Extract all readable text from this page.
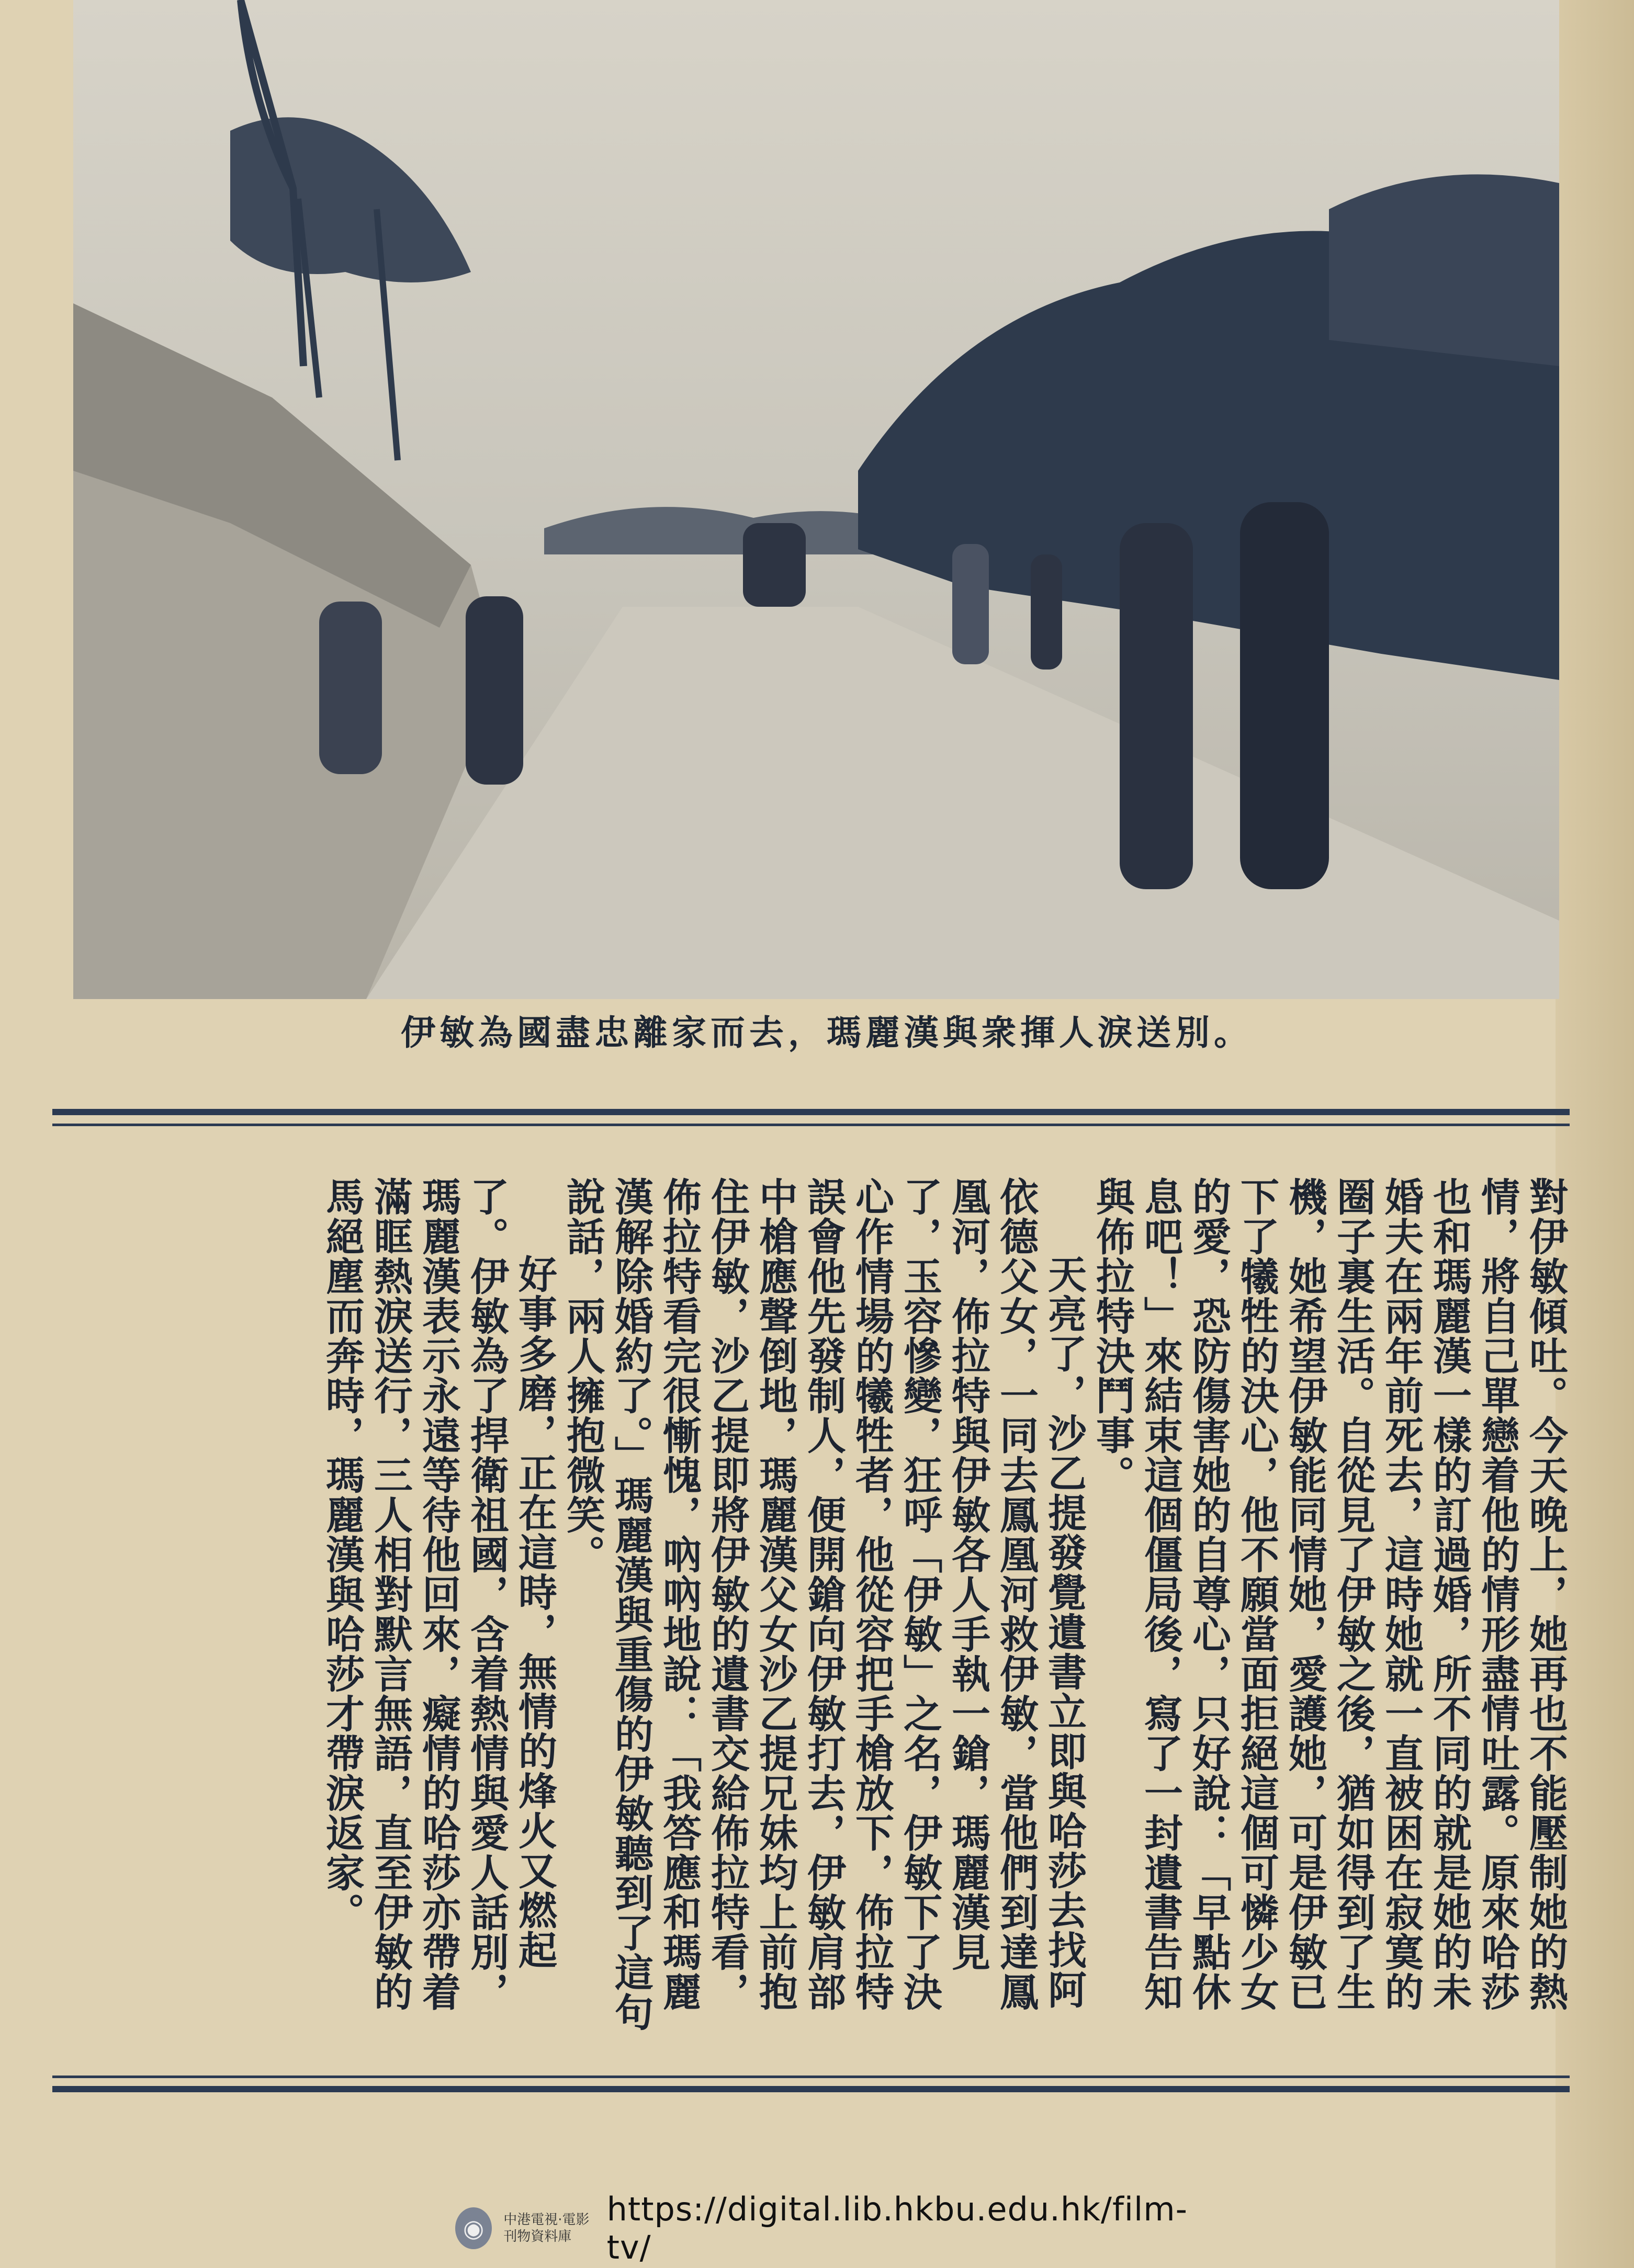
伊敏為國盡忠離家而去，瑪麗漢與衆揮人淚送別。

對伊敏傾吐。今天晚上，她再也不能壓制她的熱情，將自己單戀着他的情形盡情吐露。原來哈莎也和瑪麗漢一樣的訂過婚，所不同的就是她的未婚夫在兩年前死去，這時她就一直被困在寂寞的圈子裏生活。自從見了伊敏之後，猶如得到了生機，她希望伊敏能同情她，愛護她，可是伊敏已下了犧牲的決心，他不願當面拒絕這個可憐少女的愛，恐防傷害她的自尊心，只好說：「早點休息吧！」來結束這個僵局後，寫了一封遺書告知與佈拉特決鬥事。

天亮了，沙乙提發覺遺書立即與哈莎去找阿依德父女，一同去鳳凰河救伊敏，當他們到達鳳凰河，佈拉特與伊敏各人手執一鎗，瑪麗漢見了，玉容慘變，狂呼「伊敏」之名，伊敏下了決心作情場的犧牲者，他從容把手槍放下，佈拉特誤會他先發制人，便開鎗向伊敏打去，伊敏肩部中槍應聲倒地，瑪麗漢父女沙乙提兄妹均上前抱住伊敏，沙乙提即將伊敏的遺書交給佈拉特看，佈拉特看完很慚愧，吶吶地說：「我答應和瑪麗漢解除婚約了。」瑪麗漢與重傷的伊敏聽到了這句說話，兩人擁抱微笑。

好事多磨，正在這時，無情的烽火又燃起了。伊敏為了捍衛祖國，含着熱情與愛人話別，瑪麗漢表示永遠等待他回來，癡情的哈莎亦帶着滿眶熱淚送行，三人相對默言無語，直至伊敏的馬絕塵而奔時，瑪麗漢與哈莎才帶淚返家。

◉	中港電視·電影 刊物資料庫
https://digital.lib.hkbu.edu.hk/film-tv/
